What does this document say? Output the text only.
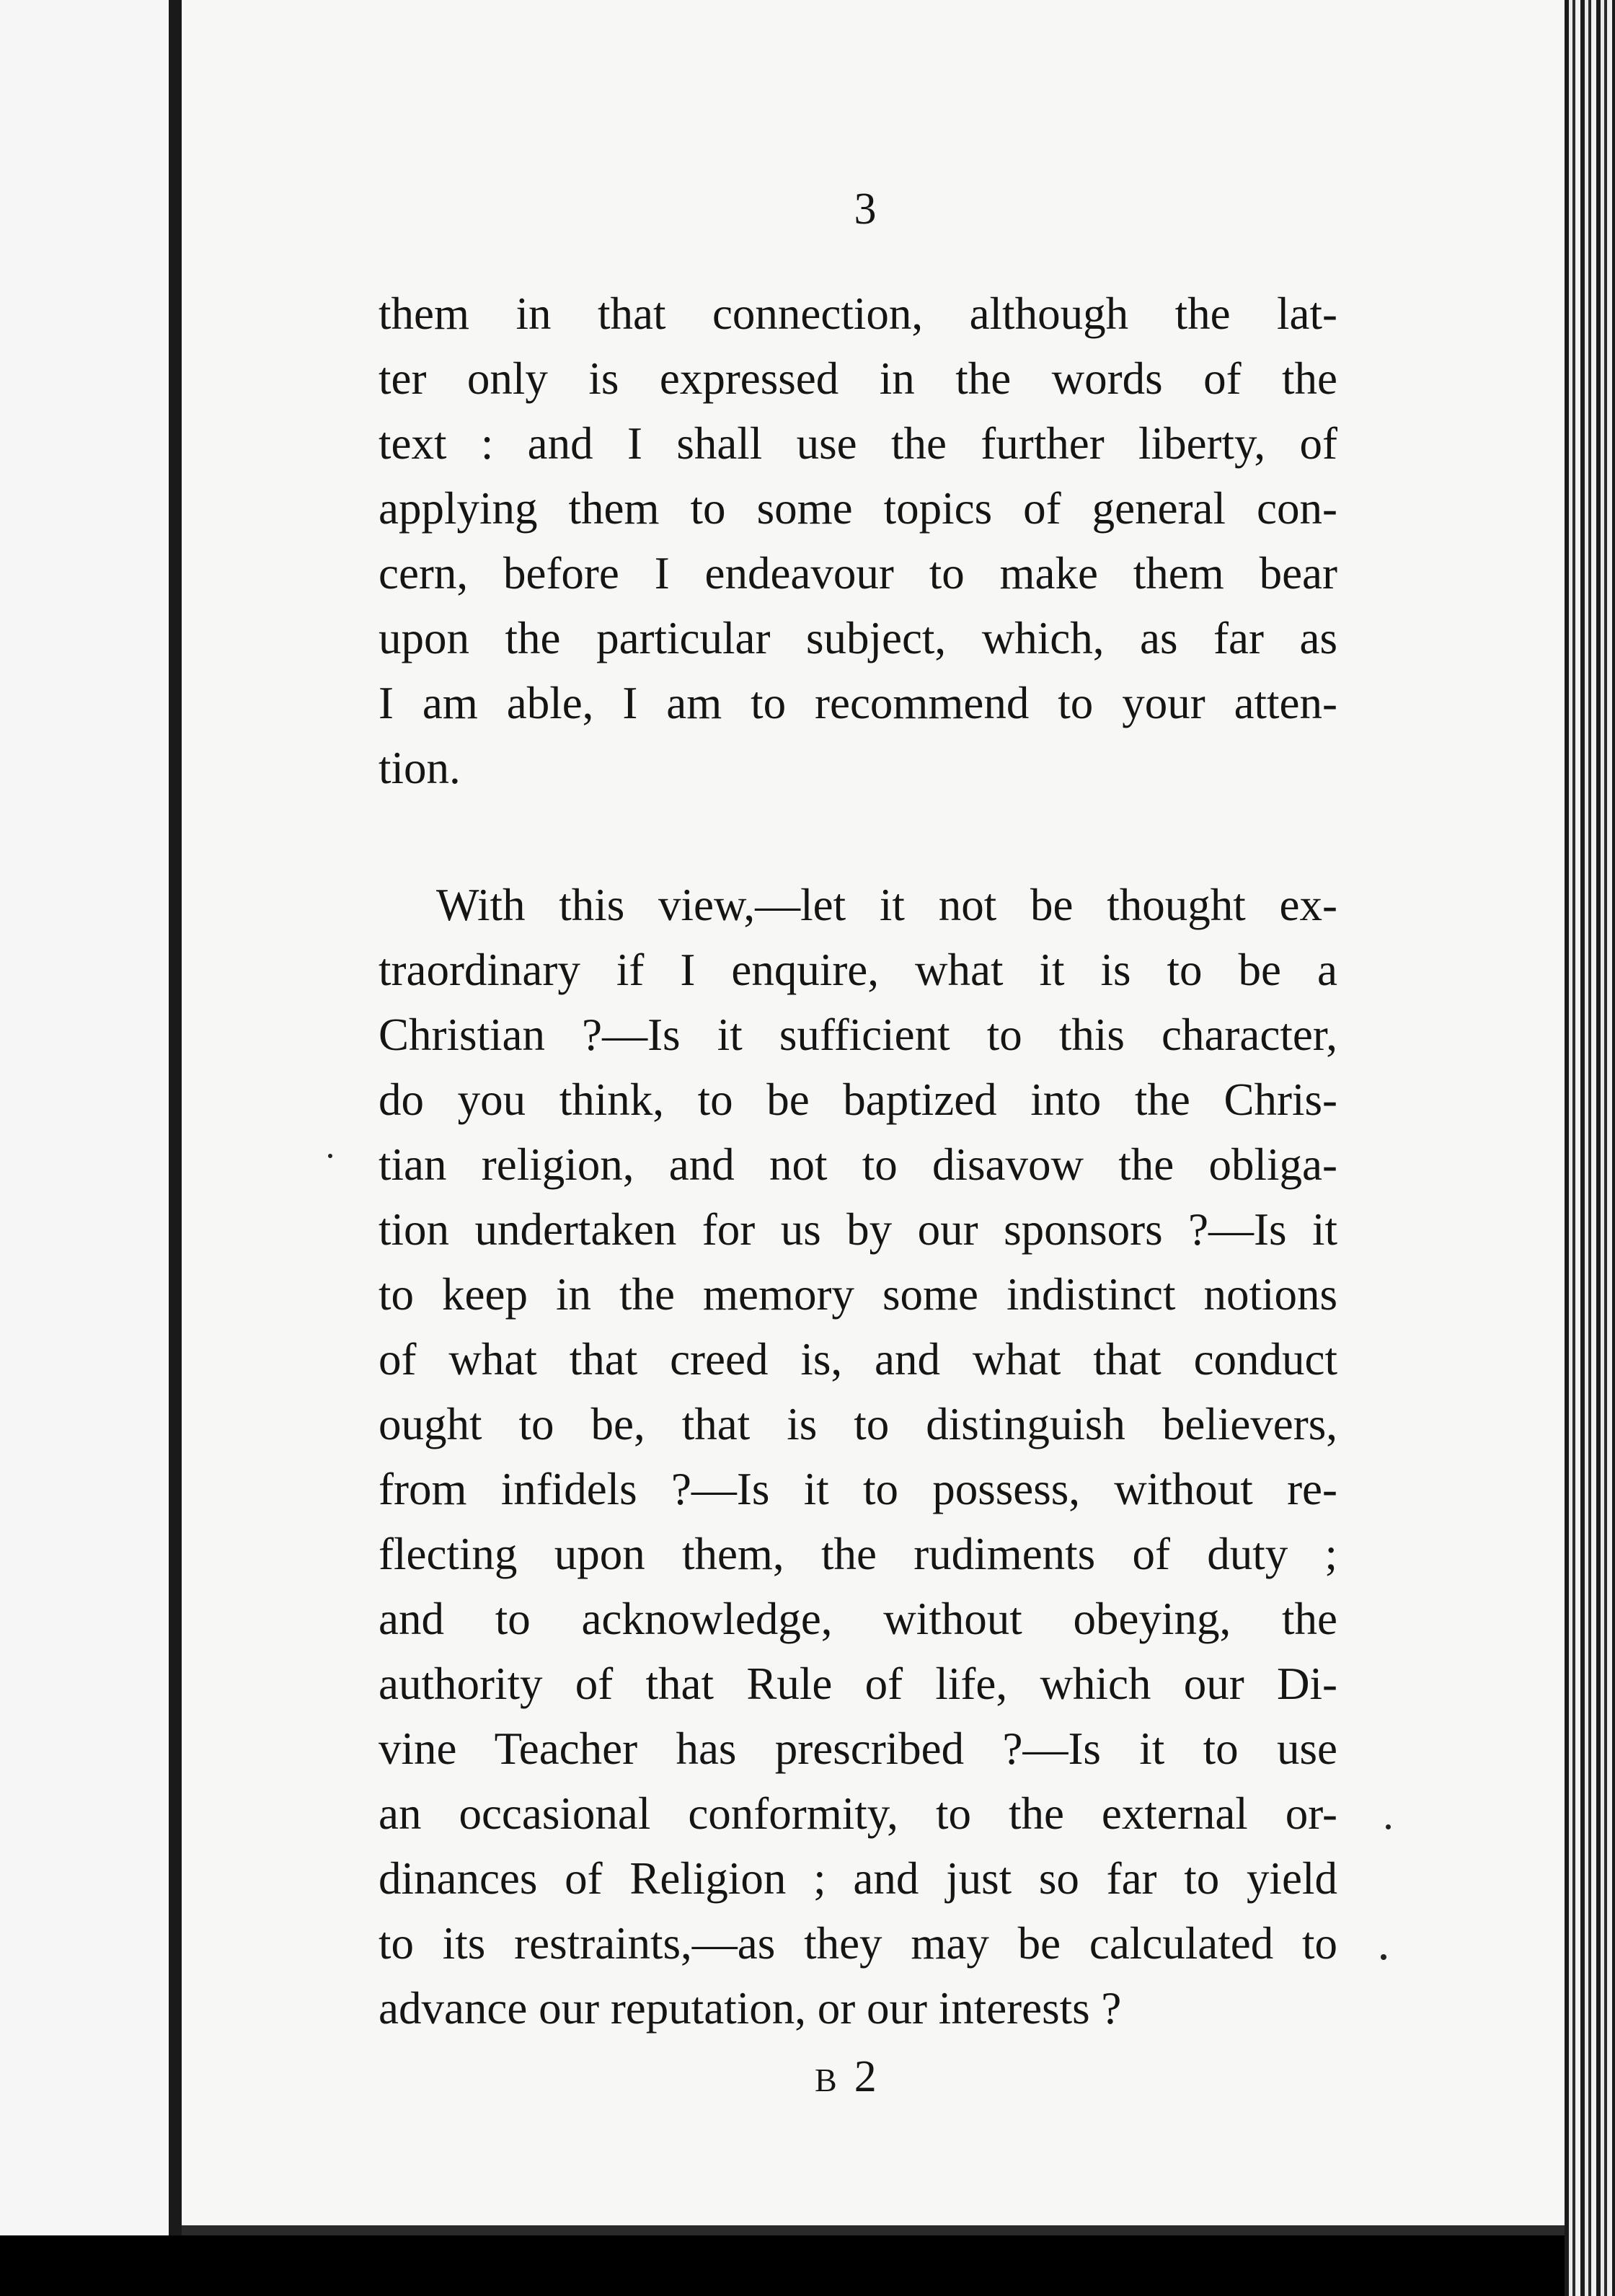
3
them in that connection, although the lat-
ter only is expressed in the words of the
text : and I shall use the further liberty, of
applying them to some topics of general con-
cern, before I endeavour to make them bear
upon the particular subject, which, as far as
I am able, I am to recommend to your atten-
tion.
With this view,—let it not be thought ex-
traordinary if I enquire, what it is to be a
Christian ?—Is it sufficient to this character,
do you think, to be baptized into the Chris-
tian religion, and not to disavow the obliga-
tion undertaken for us by our sponsors ?—Is it
to keep in the memory some indistinct notions
of what that creed is, and what that conduct
ought to be, that is to distinguish believers,
from infidels ?—Is it to possess, without re-
flecting upon them, the rudiments of duty ;
and to acknowledge, without obeying, the
authority of that Rule of life, which our Di-
vine Teacher has prescribed ?—Is it to use
an occasional conformity, to the external or-
dinances of Religion ; and just so far to yield
to its restraints,—as they may be calculated to
advance our reputation, or our interests ?
B 2
